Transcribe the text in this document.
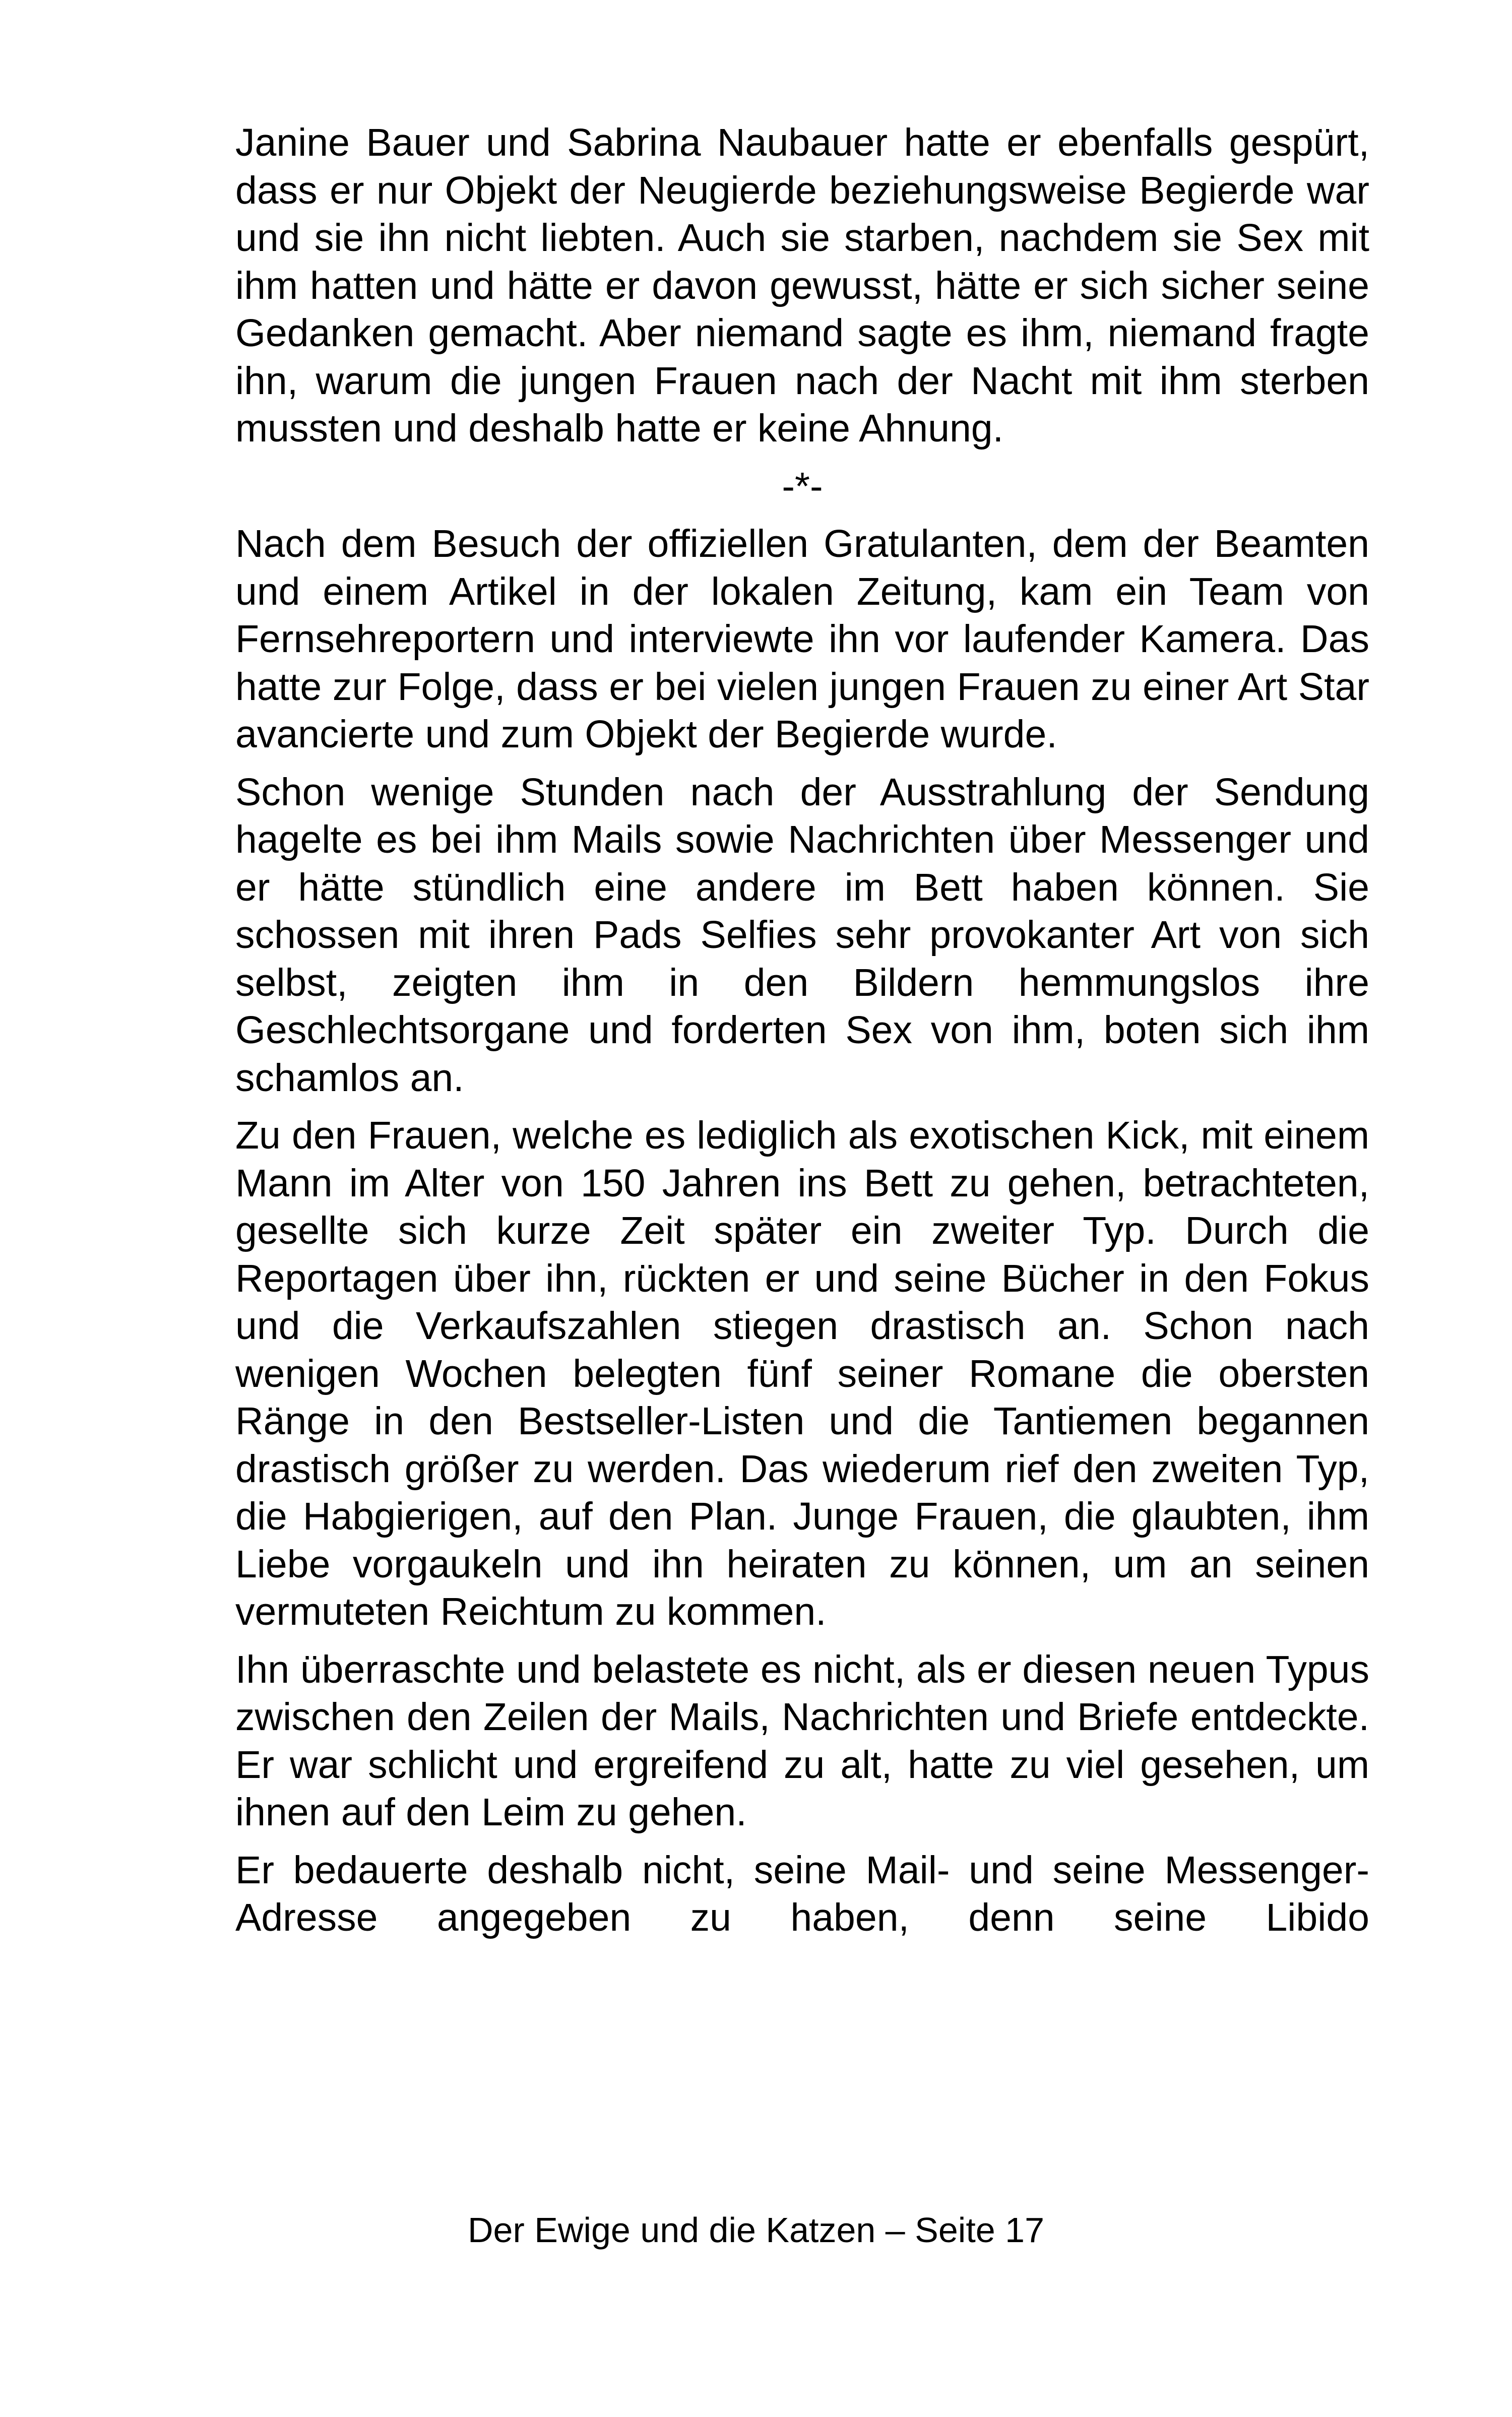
Janine Bauer und Sabrina Naubauer hatte er ebenfalls gespürt, dass er nur Objekt der Neugierde beziehungsweise Begierde war und sie ihn nicht liebten. Auch sie starben, nachdem sie Sex mit ihm hatten und hätte er davon gewusst, hätte er sich sicher seine Gedanken gemacht. Aber niemand sagte es ihm, niemand fragte ihn, warum die jungen Frauen nach der Nacht mit ihm sterben mussten und deshalb hatte er keine Ahnung.

-*-

Nach dem Besuch der offiziellen Gratulanten, dem der Beamten und einem Artikel in der lokalen Zeitung, kam ein Team von Fernsehreportern und interviewte ihn vor laufender Kamera. Das hatte zur Folge, dass er bei vielen jungen Frauen zu einer Art Star avancierte und zum Objekt der Begierde wurde.

Schon wenige Stunden nach der Ausstrahlung der Sendung hagelte es bei ihm Mails sowie Nachrichten über Messenger und er hätte stündlich eine andere im Bett haben können. Sie schossen mit ihren Pads Selfies sehr provokanter Art von sich selbst, zeigten ihm in den Bildern hemmungslos ihre Geschlechtsorgane und forderten Sex von ihm, boten sich ihm schamlos an.

Zu den Frauen, welche es lediglich als exotischen Kick, mit einem Mann im Alter von 150 Jahren ins Bett zu gehen, betrachteten, gesellte sich kurze Zeit später ein zweiter Typ. Durch die Reportagen über ihn, rückten er und seine Bücher in den Fokus und die Verkaufszahlen stiegen drastisch an. Schon nach wenigen Wochen belegten fünf seiner Romane die obersten Ränge in den Bestseller-Listen und die Tantiemen begannen drastisch größer zu werden. Das wiederum rief den zweiten Typ, die Habgierigen, auf den Plan. Junge Frauen, die glaubten, ihm Liebe vorgaukeln und ihn heiraten zu können, um an seinen vermuteten Reichtum zu kommen.

Ihn überraschte und belastete es nicht, als er diesen neuen Typus zwischen den Zeilen der Mails, Nachrichten und Briefe entdeckte. Er war schlicht und ergreifend zu alt, hatte zu viel gesehen, um ihnen auf den Leim zu gehen.

Er bedauerte deshalb nicht, seine Mail- und seine Messenger-Adresse angegeben zu haben, denn seine Libido

Der Ewige und die Katzen – Seite 17
